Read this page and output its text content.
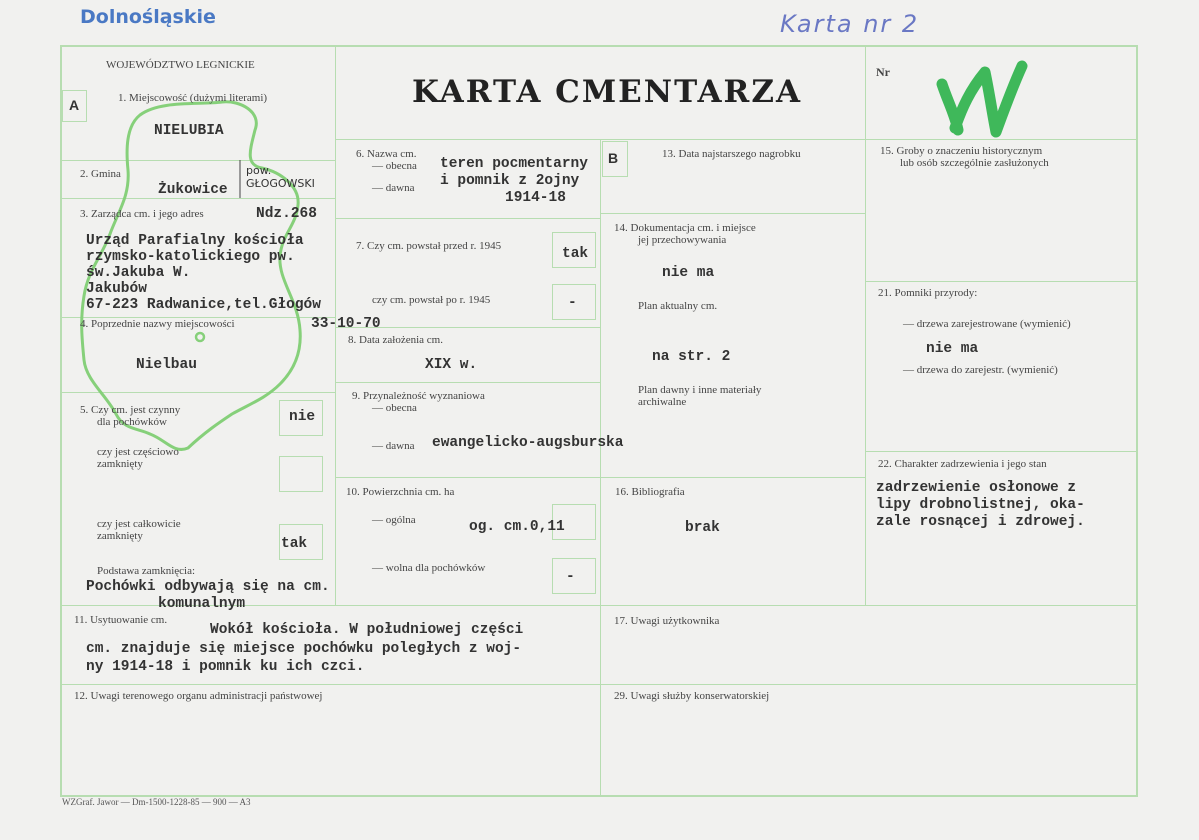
Dolnośląskie	Karta nr 2
WOJEWÓDZTWO LEGNICKIE
KARTA CMENTARZA
Nr
A
B
1. Miejscowość (dużymi literami)
NIELUBIA
2. Gmina
Żukowice
pow. GŁOGOWSKI
3. Zarządca cm. i jego adres	Ndz.268
Urząd Parafialny kościoła
rzymsko-katolickiego pw.
św.Jakuba W.
Jakubów
67-223 Radwanice,tel.Głogów
33-10-70
4. Poprzednie nazwy miejscowości
Nielbau
5. Czy cm. jest czynny
dla pochówków	nie
czy jest częściowo
zamknięty
czy jest całkowicie
zamknięty	tak
Podstawa zamknięcia:
Pochówki odbywają się na cm.
komunalnym
6. Nazwa cm.
— obecna teren pocmentarny
— dawna i pomnik z 2ojny
1914-18
7. Czy cm. powstał przed r. 1945	tak
czy cm. powstał po r. 1945	-
8. Data założenia cm.
XIX w.
9. Przynależność wyznaniowa
— obecna
— dawna ewangelicko-augsburska
10. Powierzchnia cm. ha
— ogólna	og. cm.0,11
— wolna dla pochówków
-
11. Usytuowanie cm.
Wokół kościoła. W południowej części
cm. znajduje się miejsce pochówku poległych z woj-
ny 1914-18 i pomnik ku ich czci.
12. Uwagi terenowego organu administracji państwowej
13. Data najstarszego nagrobku
14. Dokumentacja cm. i miejsce
jej przechowywania
nie ma
Plan aktualny cm.
na str. 2
Plan dawny i inne materiały
archiwalne
15. Groby o znaczeniu historycznym
lub osób szczególnie zasłużonych
16. Bibliografia
brak
17. Uwagi użytkownika
21. Pomniki przyrody:
— drzewa zarejestrowane (wymienić)
nie ma
— drzewa do zarejestr. (wymienić)
22. Charakter zadrzewienia i jego stan
zadrzewienie osłonowe z
lipy drobnolistnej, oka-
zale rosnącej i zdrowej.
29. Uwagi służby konserwatorskiej
WZGraf. Jawor — Dm-1500-1228-85 — 900 — A3
